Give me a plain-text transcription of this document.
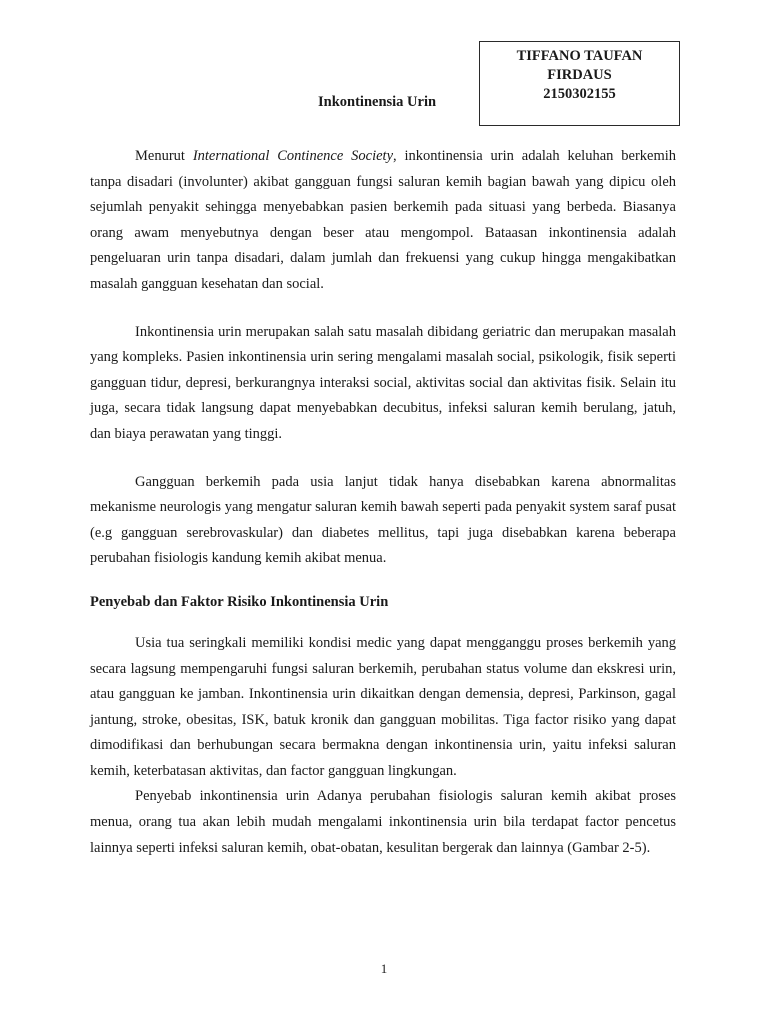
TIFFANO TAUFAN
FIRDAUS
2150302155
Inkontinensia Urin

Menurut International Continence Society, inkontinensia urin adalah keluhan berkemih tanpa disadari (involunter) akibat gangguan fungsi saluran kemih bagian bawah yang dipicu oleh sejumlah penyakit sehingga menyebabkan pasien berkemih pada situasi yang berbeda. Biasanya orang awam menyebutnya dengan beser atau mengompol. Bataasan inkontinensia adalah pengeluaran urin tanpa disadari, dalam jumlah dan frekuensi yang cukup hingga mengakibatkan masalah gangguan kesehatan dan social.

Inkontinensia urin merupakan salah satu masalah dibidang geriatric dan merupakan masalah yang kompleks. Pasien inkontinensia urin sering mengalami masalah social, psikologik, fisik seperti gangguan tidur, depresi, berkurangnya interaksi social, aktivitas social dan aktivitas fisik. Selain itu juga, secara tidak langsung dapat menyebabkan decubitus, infeksi saluran kemih berulang, jatuh, dan biaya perawatan yang tinggi.

Gangguan berkemih pada usia lanjut tidak hanya disebabkan karena abnormalitas mekanisme neurologis yang mengatur saluran kemih bawah seperti pada penyakit system saraf pusat (e.g gangguan serebrovaskular) dan diabetes mellitus, tapi juga disebabkan karena beberapa perubahan fisiologis kandung kemih akibat menua.

Penyebab dan Faktor Risiko Inkontinensia Urin

Usia tua seringkali memiliki kondisi medic yang dapat mengganggu proses berkemih yang secara lagsung mempengaruhi fungsi saluran berkemih, perubahan status volume dan ekskresi urin, atau gangguan ke jamban. Inkontinensia urin dikaitkan dengan demensia, depresi, Parkinson, gagal jantung, stroke, obesitas, ISK, batuk kronik dan gangguan mobilitas. Tiga factor risiko yang dapat dimodifikasi dan berhubungan secara bermakna dengan inkontinensia urin, yaitu infeksi saluran kemih, keterbatasan aktivitas, dan factor gangguan lingkungan.

Penyebab inkontinensia urin Adanya perubahan fisiologis saluran kemih akibat proses menua, orang tua akan lebih mudah mengalami inkontinensia urin bila terdapat factor pencetus lainnya seperti infeksi saluran kemih, obat-obatan, kesulitan bergerak dan lainnya (Gambar 2-5).

1
